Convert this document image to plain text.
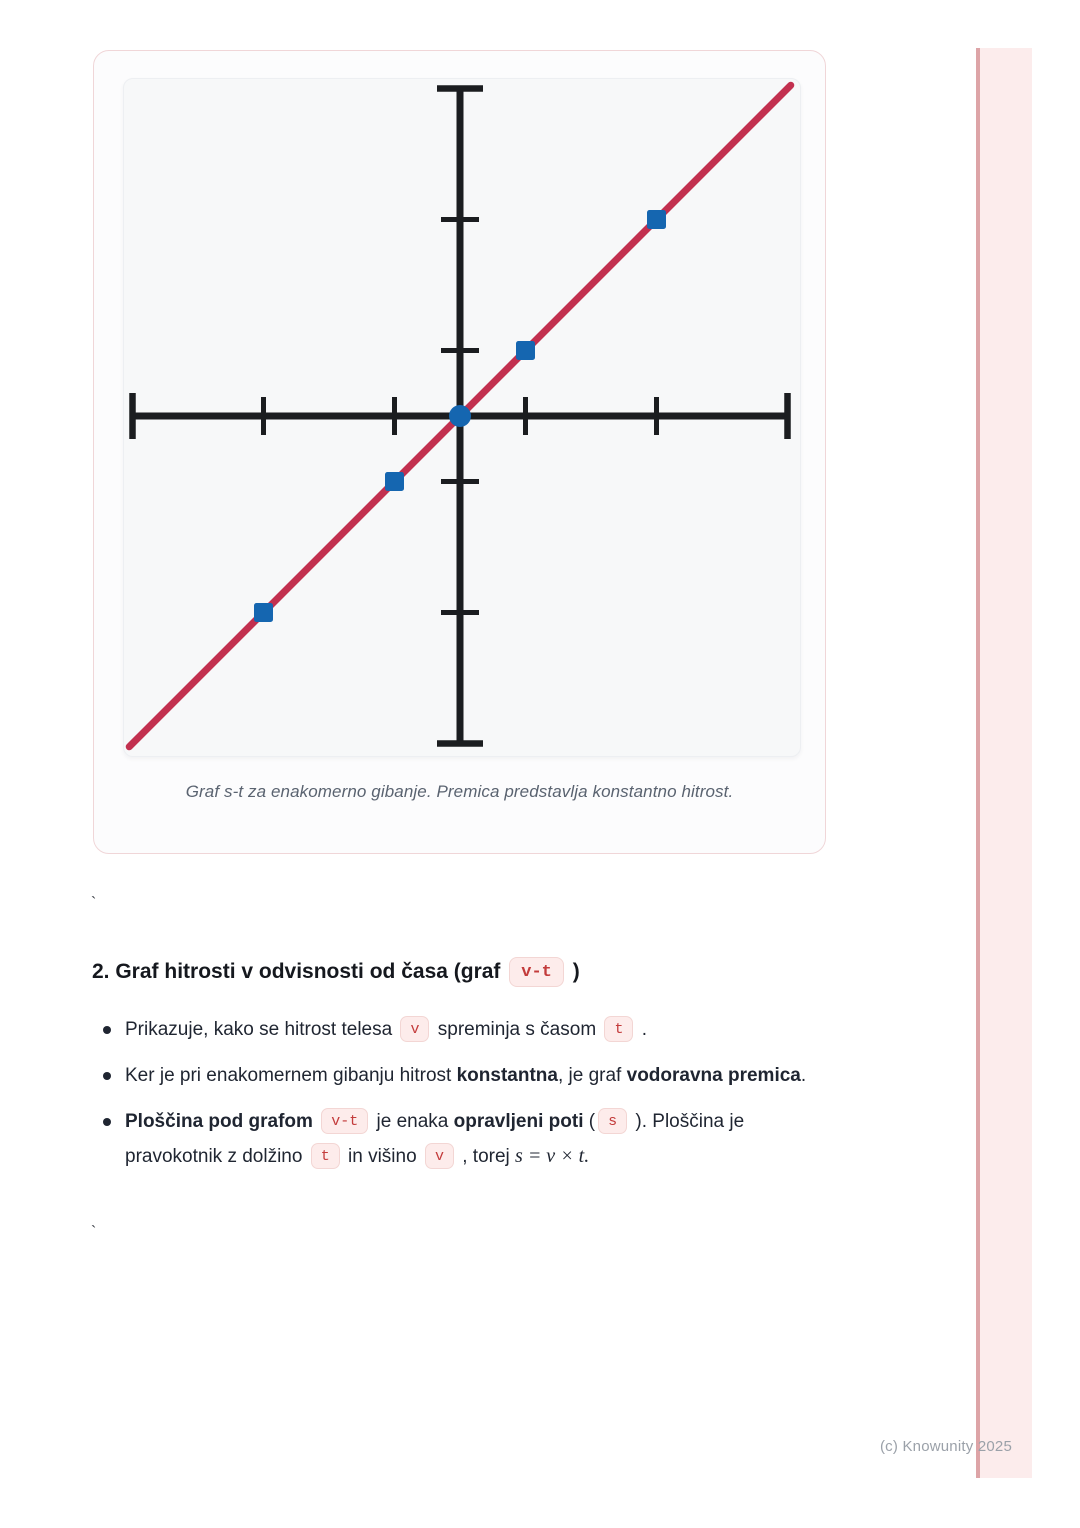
Graf s-t za enakomerno gibanje. Premica predstavlja konstantno hitrost.

`
2. Graf hitrosti v odvisnosti od časa (graf v-t )
Prikazuje, kako se hitrost telesa v spreminja s časom t .
Ker je pri enakomernem gibanju hitrost konstantna, je graf vodoravna premica.
Ploščina pod grafom v-t je enaka opravljeni poti ( s ). Ploščina je pravokotnik z dolžino t in višino v , torej s = v × t.
`
(c) Knowunity 2025
